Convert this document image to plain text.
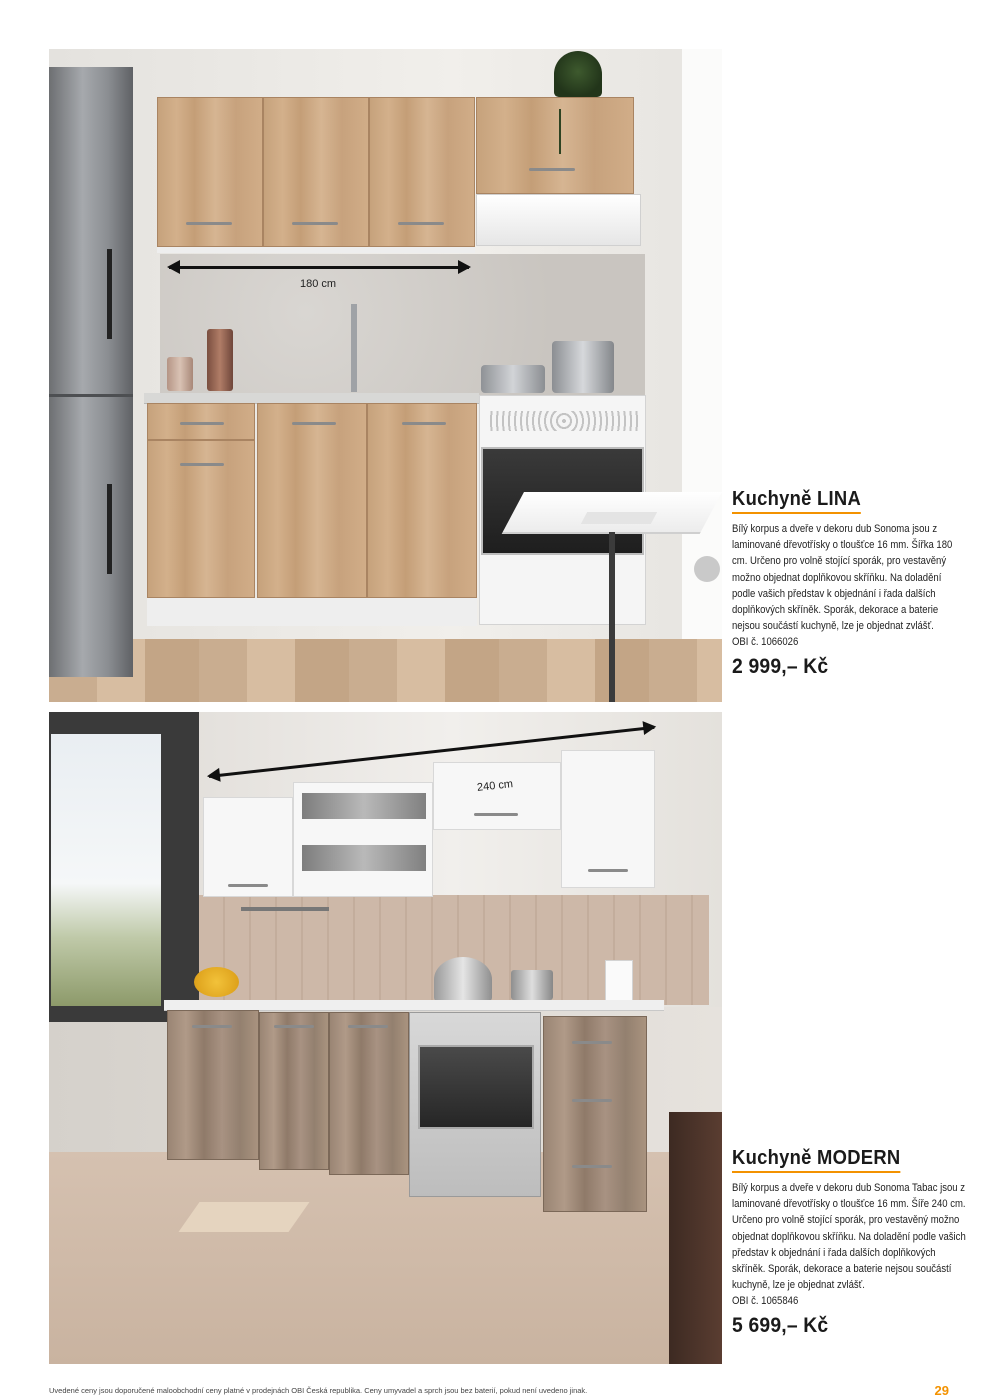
180 cm
Kuchyně LINA

Bílý korpus a dveře v dekoru dub Sonoma jsou z laminované dřevotřísky o tloušťce 16 mm. Šířka 180 cm. Určeno pro volně stojící sporák, pro vestavěný možno objednat doplňkovou skříňku. Na doladění podle vašich představ k objednání i řada dalších doplňkových skříněk. Sporák, dekorace a baterie nejsou součástí kuchyně, lze je objednat zvlášť.
OBI č. 1066026

2 999,– Kč
240 cm
Kuchyně MODERN

Bílý korpus a dveře v dekoru dub Sonoma Tabac jsou z laminované dřevotřísky o tloušťce 16 mm. Šíře 240 cm. Určeno pro volně stojící sporák, pro vestavěný možno objednat doplňkovou skříňku. Na doladění podle vašich představ k objednání i řada dalších doplňkových skříněk. Sporák, dekorace a baterie nejsou součástí kuchyně, lze je objednat zvlášť.
OBI č. 1065846

5 699,– Kč
Uvedené ceny jsou doporučené maloobchodní ceny platné v prodejnách OBI Česká republika. Ceny umyvadel a sprch jsou bez baterií, pokud není uvedeno jinak.	29
